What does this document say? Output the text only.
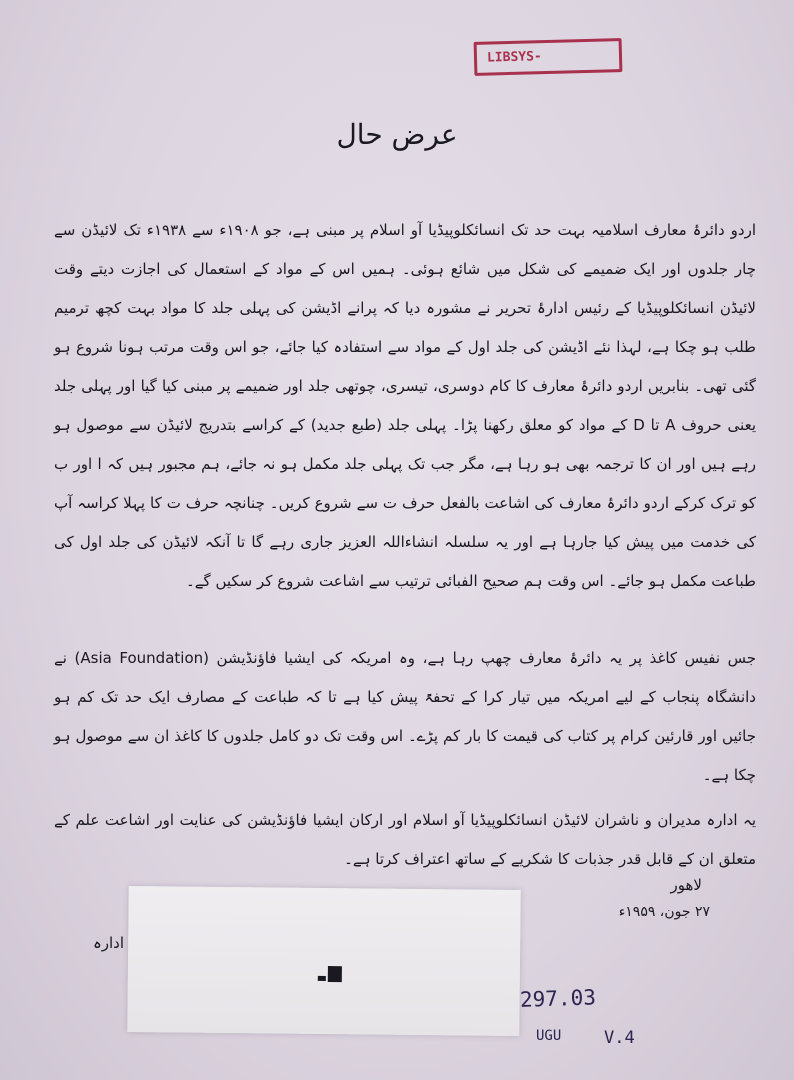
LIBSYS-
عرض حال

اردو دائرۂ معارف اسلامیہ بہت حد تک انسائکلوپیڈیا آو اسلام پر مبنی ہے، جو ۱۹۰۸ء سے ۱۹۳۸ء تک لائیڈن سے چار جلدوں اور ایک ضمیمے کی شکل میں شائع ہوئی۔ ہمیں اس کے مواد کے استعمال کی اجازت دیتے وقت لائیڈن انسائکلوپیڈیا کے رئیس ادارۂ تحریر نے مشورہ دیا کہ پرانے اڈیشن کی پہلی جلد کا مواد بہت کچھ ترمیم طلب ہو چکا ہے، لہذا نئے اڈیشن کی جلد اول کے مواد سے استفادہ کیا جائے، جو اس وقت مرتب ہونا شروع ہو گئی تھی۔ بنابریں اردو دائرۂ معارف کا کام دوسری، تیسری، چوتھی جلد اور ضمیمے پر مبنی کیا گیا اور پہلی جلد یعنی حروف A تا D کے مواد کو معلق رکھنا پڑا۔ پہلی جلد (طبع جدید) کے کراسے بتدریج لائیڈن سے موصول ہو رہے ہیں اور ان کا ترجمہ بھی ہو رہا ہے، مگر جب تک پہلی جلد مکمل ہو نہ جائے، ہم مجبور ہیں کہ ا اور ب کو ترک کرکے اردو دائرۂ معارف کی اشاعت بالفعل حرف ت سے شروع کریں۔ چنانچہ حرف ت کا پہلا کراسہ آپ کی خدمت میں پیش کیا جارہا ہے اور یہ سلسلہ انشاءاللہ العزیز جاری رہے گا تا آنکہ لائیڈن کی جلد اول کی طباعت مکمل ہو جائے۔ اس وقت ہم صحیح الفبائی ترتیب سے اشاعت شروع کر سکیں گے۔

جس نفیس کاغذ پر یہ دائرۂ معارف چھپ رہا ہے، وہ امریکہ کی ایشیا فاؤنڈیشن (Asia Foundation) نے دانشگاہ پنجاب کے لیے امریکہ میں تیار کرا کے تحفۃً پیش کیا ہے تا کہ طباعت کے مصارف ایک حد تک کم ہو جائیں اور قارئین کرام پر کتاب کی قیمت کا بار کم پڑے۔ اس وقت تک دو کامل جلدوں کا کاغذ ان سے موصول ہو چکا ہے۔

یہ ادارہ مدیران و ناشران لائیڈن انسائکلوپیڈیا آو اسلام اور ارکان ایشیا فاؤنڈیشن کی عنایت اور اشاعت علم کے متعلق ان کے قابل قدر جذبات کا شکریے کے ساتھ اعتراف کرتا ہے۔

لاھور
۲۷ جون، ۱۹۵۹ء
ادارہ
297.03
UGU	V.4
